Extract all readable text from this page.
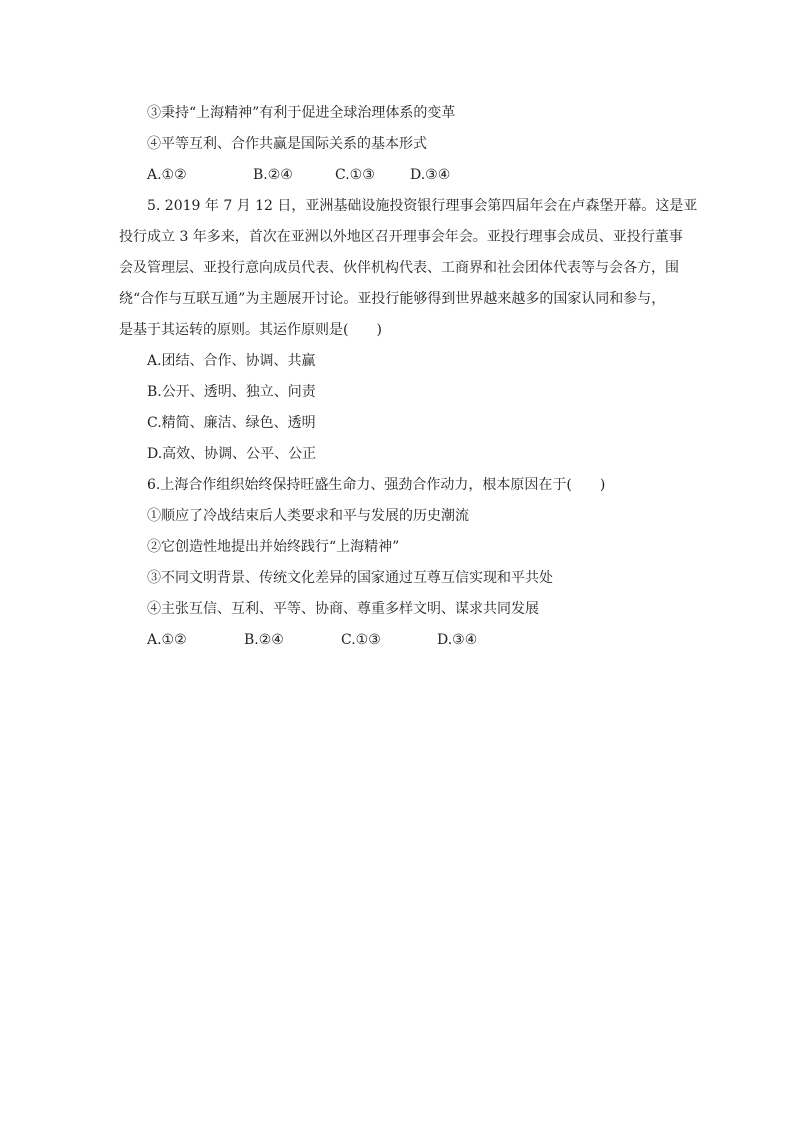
③秉持“上海精神”有利于促进全球治理体系的变革
④平等互利、合作共赢是国际关系的基本形式
A.①②	B.②④	C.①③	D.③④
5. 2019 年 7 月 12 日，亚洲基础设施投资银行理事会第四届年会在卢森堡开幕。这是亚
投行成立 3 年多来，首次在亚洲以外地区召开理事会年会。亚投行理事会成员、亚投行董事
会及管理层、亚投行意向成员代表、伙伴机构代表、工商界和社会团体代表等与会各方，围
绕“合作与互联互通”为主题展开讨论。亚投行能够得到世界越来越多的国家认同和参与，
是基于其运转的原则。其运作原则是(　　)
A.团结、合作、协调、共赢
B.公开、透明、独立、问责
C.精简、廉洁、绿色、透明
D.高效、协调、公平、公正
6.上海合作组织始终保持旺盛生命力、强劲合作动力，根本原因在于(　　)
①顺应了冷战结束后人类要求和平与发展的历史潮流
②它创造性地提出并始终践行“上海精神”
③不同文明背景、传统文化差异的国家通过互尊互信实现和平共处
④主张互信、互利、平等、协商、尊重多样文明、谋求共同发展
A.①②	B.②④	C.①③	D.③④
